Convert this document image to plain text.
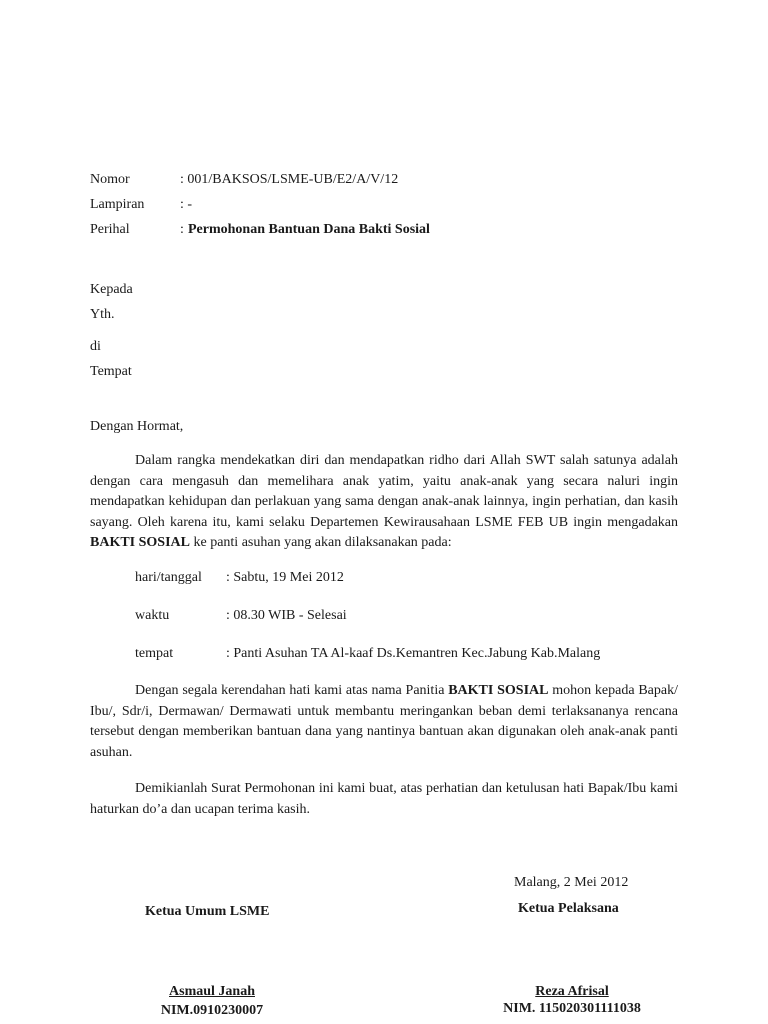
Nomor	: 001/BAKSOS/LSME-UB/E2/A/V/12
Lampiran	: -
Perihal	: Permohonan Bantuan Dana Bakti Sosial
Kepada
Yth.
di
Tempat
Dengan Hormat,

Dalam rangka mendekatkan diri dan mendapatkan ridho dari Allah SWT salah satunya adalah dengan cara mengasuh dan memelihara anak yatim, yaitu anak-anak yang secara naluri ingin mendapatkan kehidupan dan perlakuan yang sama dengan anak-anak lainnya, ingin perhatian, dan kasih sayang. Oleh karena itu, kami selaku Departemen Kewirausahaan LSME FEB UB ingin mengadakan BAKTI SOSIAL ke panti asuhan yang akan dilaksanakan pada:

hari/tanggal : Sabtu, 19 Mei 2012
waktu	: 08.30 WIB - Selesai
tempat	: Panti Asuhan TA Al-kaaf Ds.Kemantren Kec.Jabung Kab.Malang

Dengan segala kerendahan hati kami atas nama Panitia BAKTI SOSIAL mohon kepada Bapak/ Ibu/, Sdr/i, Dermawan/ Dermawati untuk membantu meringankan beban demi terlaksananya rencana tersebut dengan memberikan bantuan dana yang nantinya bantuan akan digunakan oleh anak-anak panti asuhan.

Demikianlah Surat Permohonan ini kami buat, atas perhatian dan ketulusan hati Bapak/Ibu kami haturkan do’a dan ucapan terima kasih.

Malang, 2 Mei 2012
Ketua Umum LSME	Ketua Pelaksana
Asmaul Janah
NIM.0910230007
Reza Afrisal
NIM. 115020301111038
